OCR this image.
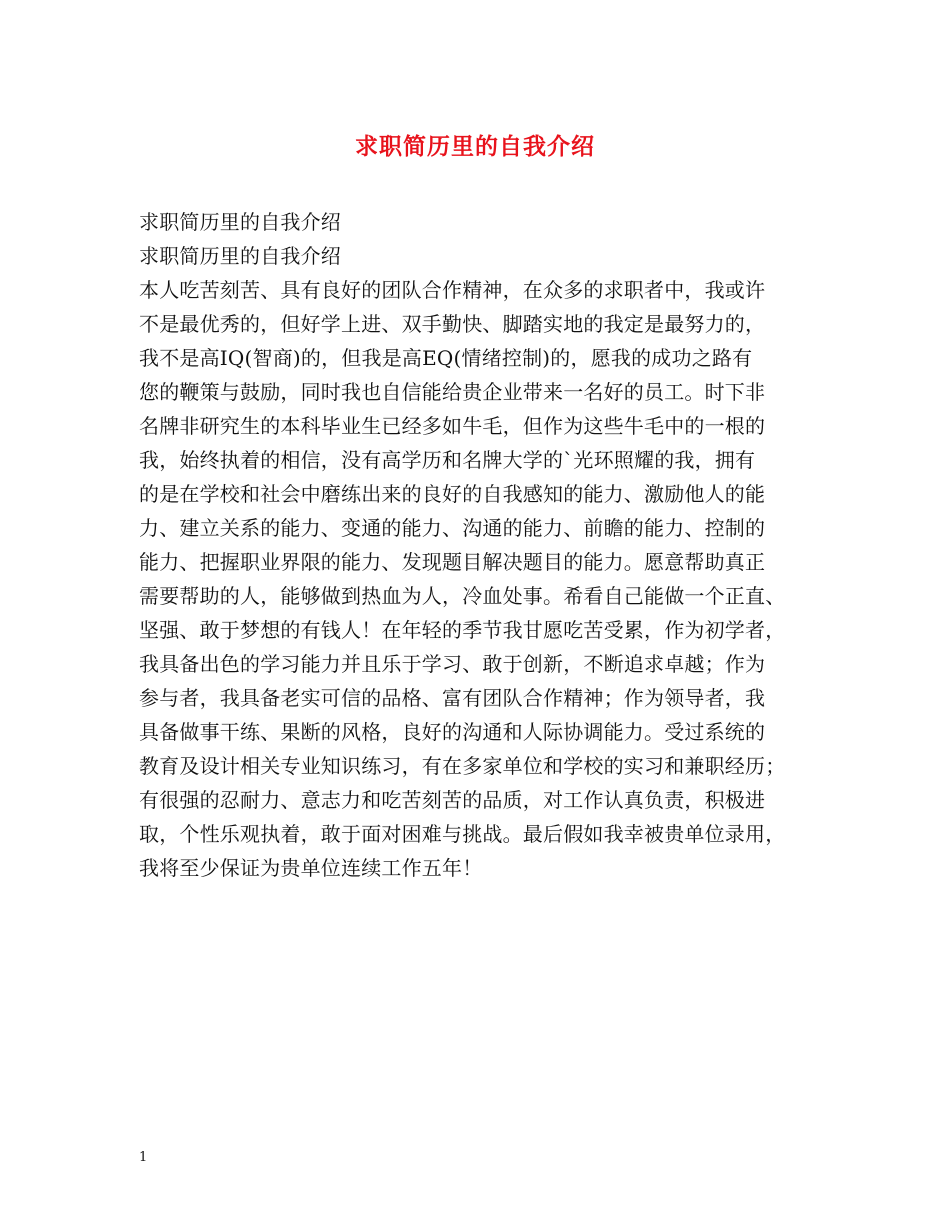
求职简历里的自我介绍
求职简历里的自我介绍
求职简历里的自我介绍
本人吃苦刻苦、具有良好的团队合作精神，在众多的求职者中，我或许
不是最优秀的，但好学上进、双手勤快、脚踏实地的我定是最努力的，
我不是高IQ(智商)的，但我是高EQ(情绪控制)的，愿我的成功之路有
您的鞭策与鼓励，同时我也自信能给贵企业带来一名好的员工。时下非
名牌非研究生的本科毕业生已经多如牛毛，但作为这些牛毛中的一根的
我，始终执着的相信，没有高学历和名牌大学的`光环照耀的我，拥有
的是在学校和社会中磨练出来的良好的自我感知的能力、激励他人的能
力、建立关系的能力、变通的能力、沟通的能力、前瞻的能力、控制的
能力、把握职业界限的能力、发现题目解决题目的能力。愿意帮助真正
需要帮助的人，能够做到热血为人，冷血处事。希看自己能做一个正直、
坚强、敢于梦想的有钱人！在年轻的季节我甘愿吃苦受累，作为初学者，
我具备出色的学习能力并且乐于学习、敢于创新，不断追求卓越；作为
参与者，我具备老实可信的品格、富有团队合作精神；作为领导者，我
具备做事干练、果断的风格，良好的沟通和人际协调能力。受过系统的
教育及设计相关专业知识练习，有在多家单位和学校的实习和兼职经历；
有很强的忍耐力、意志力和吃苦刻苦的品质，对工作认真负责，积极进
取，个性乐观执着，敢于面对困难与挑战。最后假如我幸被贵单位录用，
我将至少保证为贵单位连续工作五年！
1
